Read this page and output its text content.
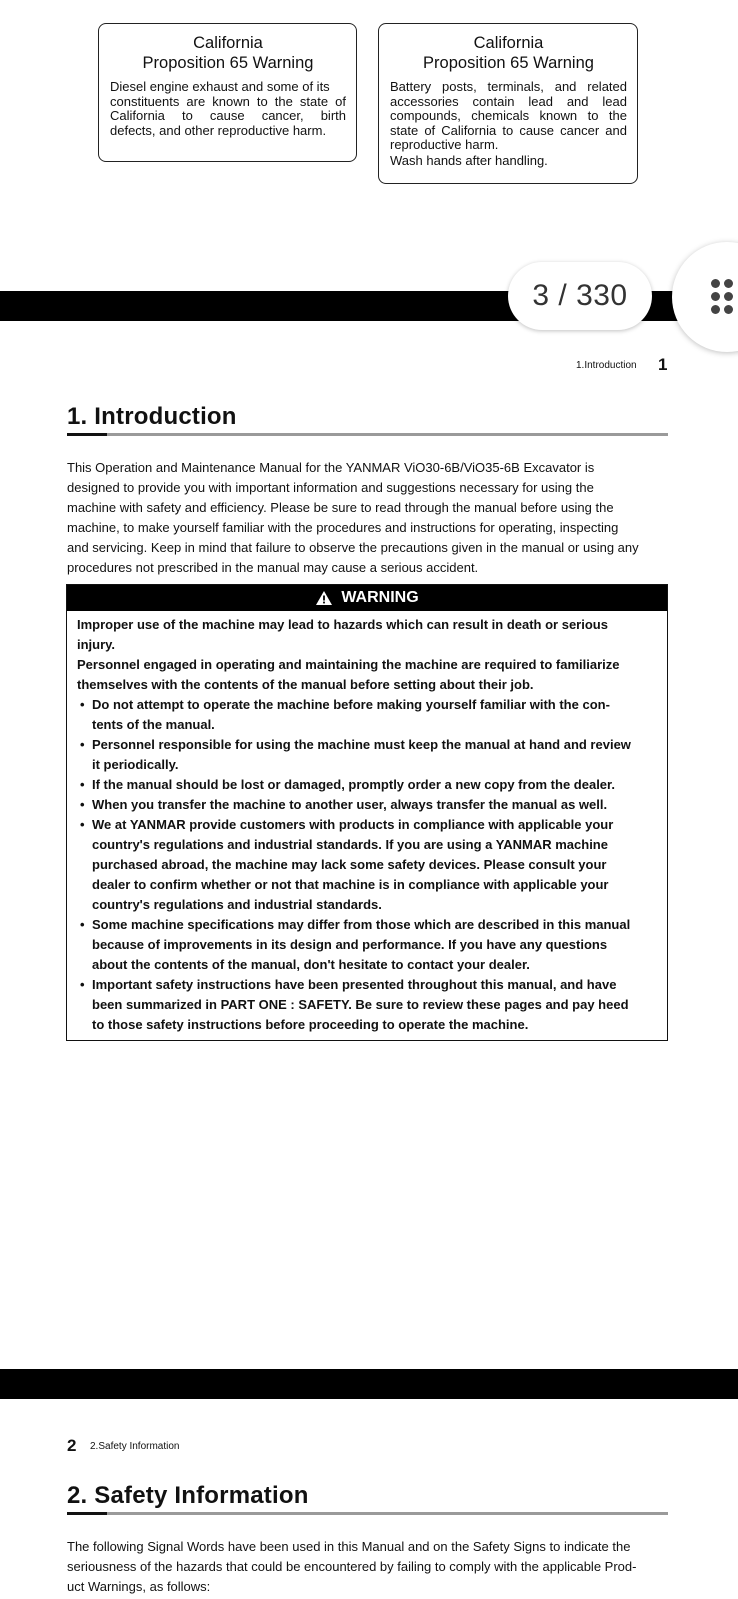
California
Proposition 65 Warning
Diesel engine exhaust and some of its
constituents are known to the state of
California to cause cancer, birth
defects, and other reproductive harm.
California
Proposition 65 Warning
Battery posts, terminals, and related
accessories contain lead and lead
compounds, chemicals known to the
state of California to cause cancer and
reproductive harm.
Wash hands after handling.
3 / 330
1.Introduction 1
1. Introduction
This Operation and Maintenance Manual for the YANMAR ViO30-6B/ViO35-6B Excavator is
designed to provide you with important information and suggestions necessary for using the
machine with safety and efficiency. Please be sure to read through the manual before using the
machine, to make yourself familiar with the procedures and instructions for operating, inspecting
and servicing. Keep in mind that failure to observe the precautions given in the manual or using any
procedures not prescribed in the manual may cause a serious accident.
WARNING

Improper use of the machine may lead to hazards which can result in death or serious

injury.

Personnel engaged in operating and maintaining the machine are required to familiarize

themselves with the contents of the manual before setting about their job.

• Do not attempt to operate the machine before making yourself familiar with the con-
tents of the manual.
• Personnel responsible for using the machine must keep the manual at hand and review
it periodically.
• If the manual should be lost or damaged, promptly order a new copy from the dealer.
• When you transfer the machine to another user, always transfer the manual as well.
• We at YANMAR provide customers with products in compliance with applicable your
country's regulations and industrial standards. If you are using a YANMAR machine
purchased abroad, the machine may lack some safety devices. Please consult your
dealer to confirm whether or not that machine is in compliance with applicable your
country's regulations and industrial standards.
• Some machine specifications may differ from those which are described in this manual
because of improvements in its design and performance. If you have any questions
about the contents of the manual, don't hesitate to contact your dealer.
• Important safety instructions have been presented throughout this manual, and have
been summarized in PART ONE : SAFETY. Be sure to review these pages and pay heed
to those safety instructions before proceeding to operate the machine.
2 2.Safety Information
2. Safety Information
The following Signal Words have been used in this Manual and on the Safety Signs to indicate the
seriousness of the hazards that could be encountered by failing to comply with the applicable Prod-
uct Warnings, as follows:
